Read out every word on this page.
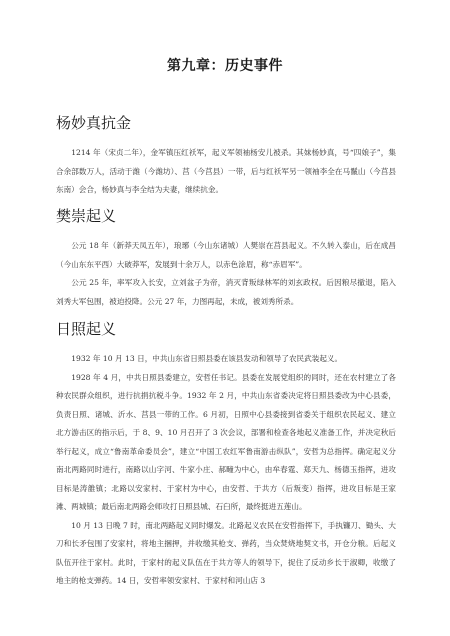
第九章：历史事件
杨妙真抗金

1214 年（宋贞二年），金军镇压红袄军，起义军领袖杨安儿被杀。其妹杨妙真，号“四娘子”，集合余部数万人，活动于潍（今潍坊）、莒（今莒县）一带，后与红袄军另一领袖李全在马鬣山（今莒县东南）会合，杨妙真与李全结为夫妻，继续抗金。

樊崇起义

公元 18 年（新莽天凤五年），琅琊（今山东诸城）人樊崇在莒县起义。不久转入泰山，后在成昌（今山东东平西）大破莽军，发展到十余万人，以赤色涂眉，称“赤眉军”。

公元 25 年，率军攻入长安，立刘盆子为帝，消灭背叛绿林军的刘玄政权。后因粮尽撤退，陷入刘秀大军包围，被迫投降。公元 27 年，力图再起，未成，被刘秀所杀。

日照起义

1932 年 10 月 13 日，中共山东省日照县委在该县发动和领导了农民武装起义。

1928 年 4 月，中共日照县委建立，安哲任书记。县委在发展党组织的同时，还在农村建立了各种农民群众组织，进行抗捐抗税斗争。1932 年 2 月，中共山东省委决定将日照县委改为中心县委，负责日照、诸城、沂水、莒县一带的工作。6 月初，日照中心县委接到省委关于组织农民起义、建立北方游击区的指示后，于 8、9、10 月召开了 3 次会议，部署和检查各地起义准备工作，并决定秋后举行起义，成立“鲁南革命委员会”，建立“中国工农红军鲁南游击纵队”，安哲为总指挥。确定起义分南北两路同时进行，南路以山字河、牛家小庄、郝疃为中心，由牟春霆、郑天九、杨德玉指挥，进攻目标是涛雒镇；北路以安家村、于家村为中心，由安哲、于共方（后叛变）指挥，进攻目标是王家滩、两城镇；最后南北两路会师攻打日照县城、石臼所，最终挺进五莲山。

10 月 13 日晚 7 时，南北两路起义同时爆发。北路起义农民在安哲指挥下，手执镰刀、锄头、大刀和长矛包围了安家村，将地主捆押，并收缴其枪支、弹药，当众焚烧地契文书，开仓分粮。后起义队伍开往于家村。此时，于家村的起义队伍在于共方等人的领导下，捉住了反动乡长于淑卿，收缴了地主的枪支弹药。14 日，安哲率领安家村、于家村和河山店 3
